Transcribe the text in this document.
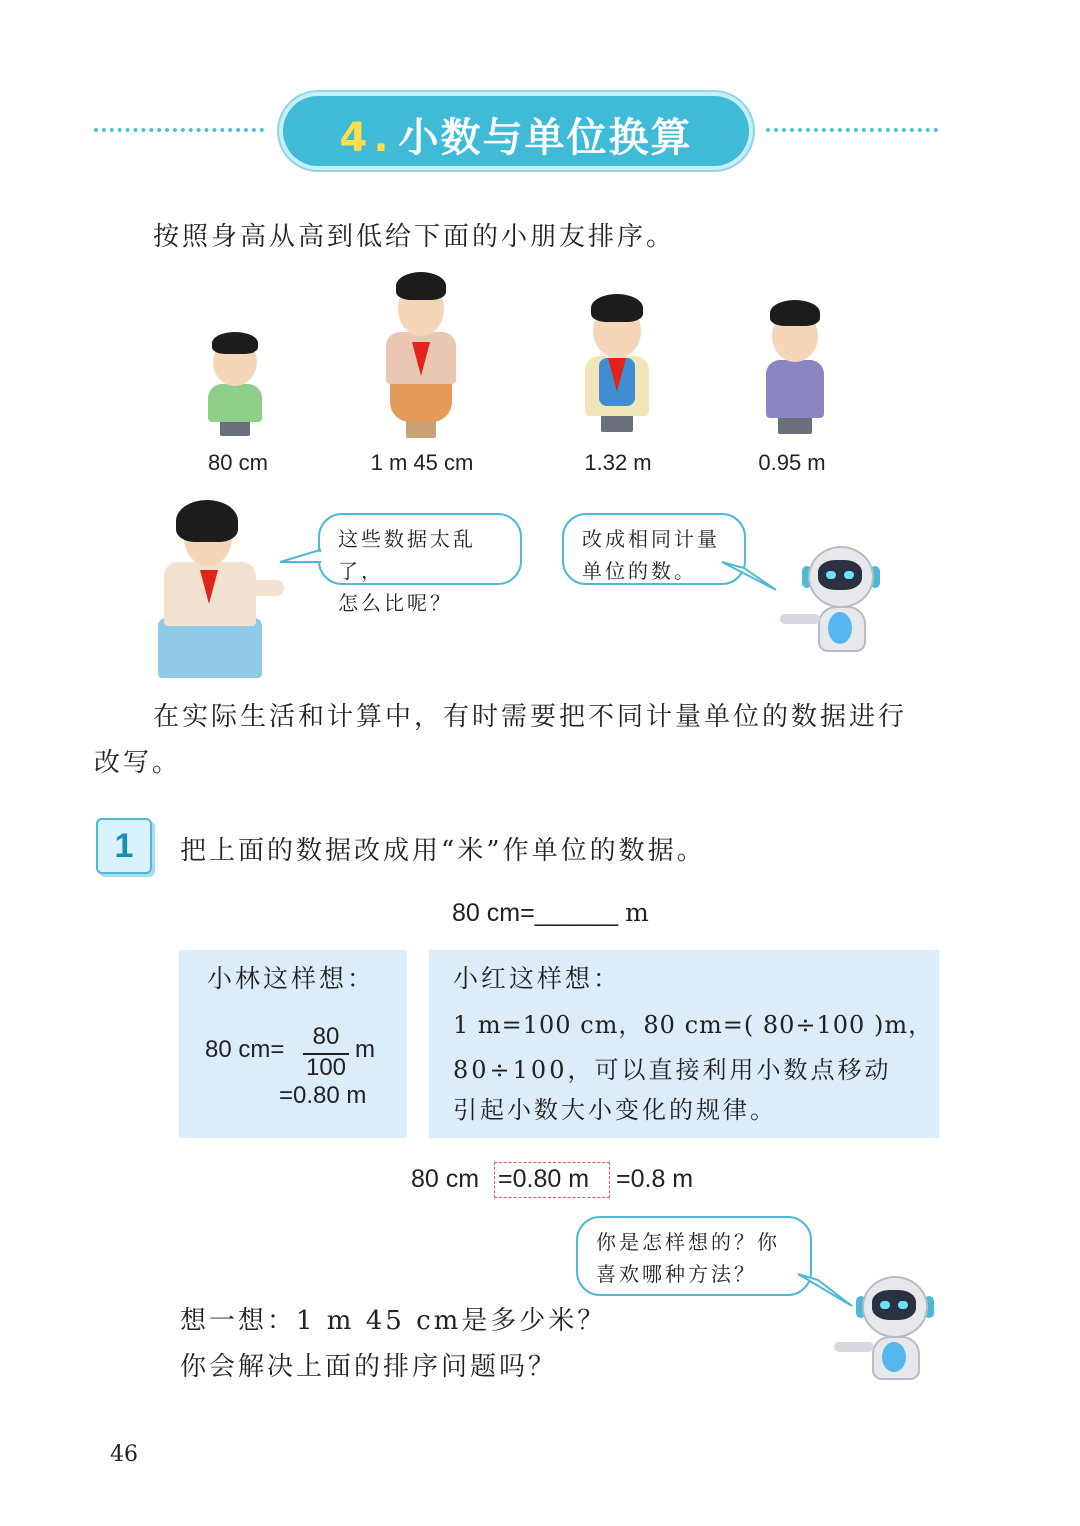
4 . 小数与单位换算
按照身高从高到低给下面的小朋友排序。
80 cm	1 m 45 cm	1.32 m	0.95 m
这些数据太乱了，
怎么比呢？
改成相同计量
单位的数。
在实际生活和计算中，有时需要把不同计量单位的数据进行
改写。
1	把上面的数据改成用“米”作单位的数据。
80 cm=______ m
小林这样想：
80 cm=	80
100
m
=0.80 m
小红这样想：
1 m=100 cm，80 cm=( 80÷100 )m，
80÷100，可以直接利用小数点移动
引起小数大小变化的规律。
80 cm =0.80 m =0.8 m
你是怎样想的？你
喜欢哪种方法？
想一想：1 m 45 cm是多少米？
你会解决上面的排序问题吗？
46
